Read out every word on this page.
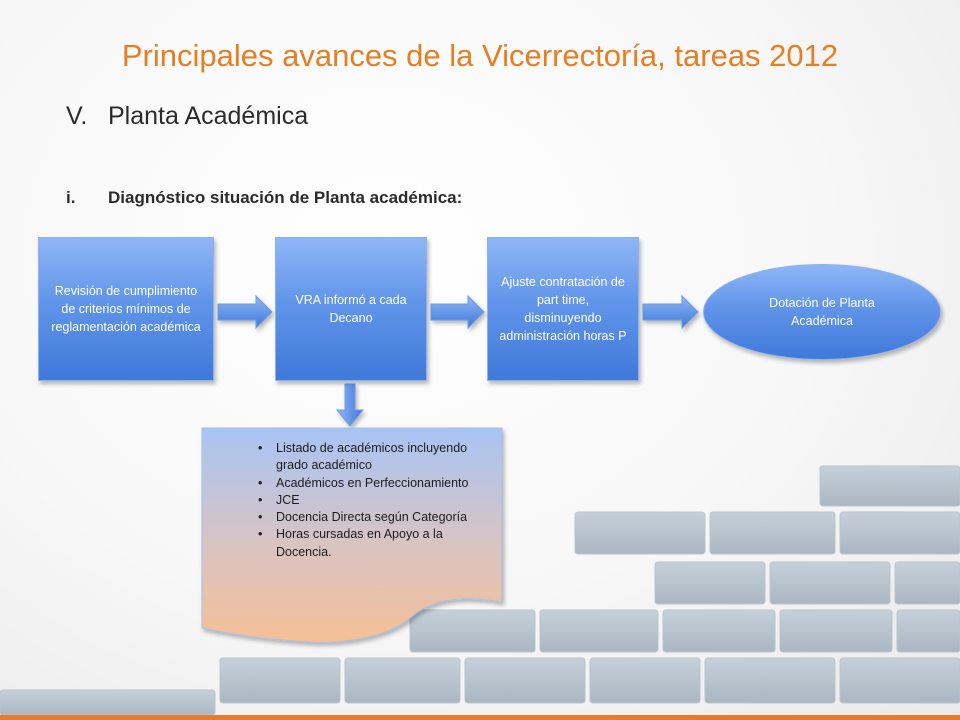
Principales avances de la Vicerrectoría, tareas 2012
V. Planta Académica
i. Diagnóstico situación de Planta académica:
Revisión de cumplimiento de criterios mínimos de reglamentación académica
VRA informó a cada Decano
Ajuste contratación de part time, disminuyendo administración horas P
Dotación de Planta Académica
• Listado de académicos incluyendo grado académico
• Académicos en Perfeccionamiento
• JCE
• Docencia Directa según Categoría
• Horas cursadas en Apoyo a la Docencia.
